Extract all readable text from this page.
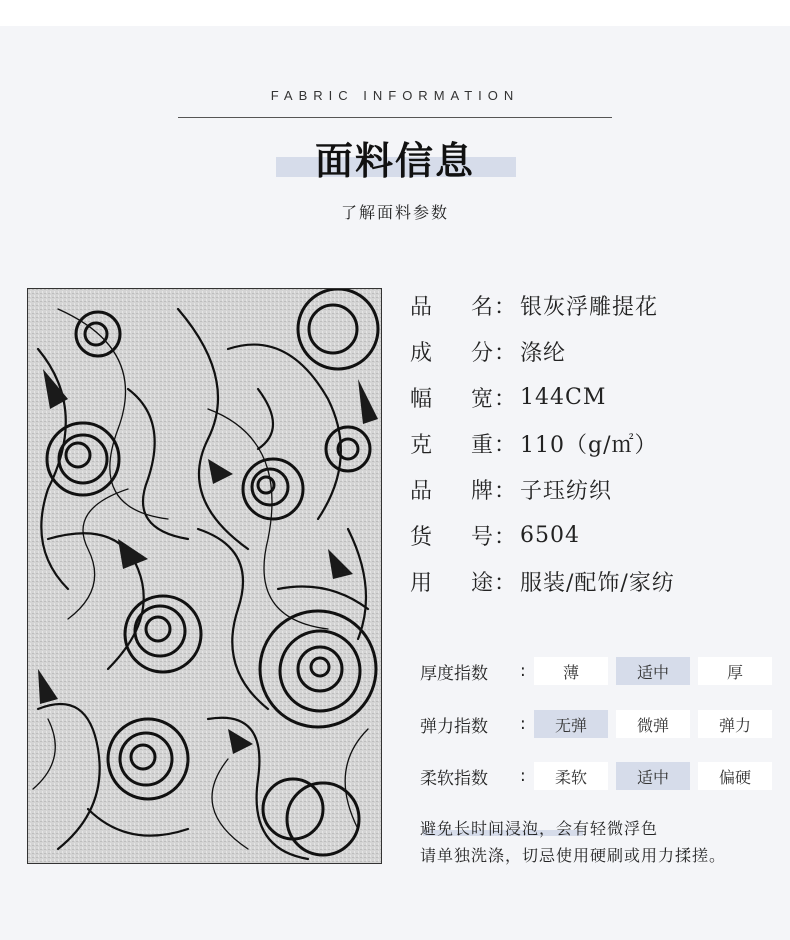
FABRIC INFORMATION
面料信息
了解面料参数
品名 ： 银灰浮雕提花
成分 ： 涤纶
幅宽 ： 144CM
克重 ： 110（g/㎡）
品牌 ： 子珏纺织
货号 ： 6504
用途 ： 服装/配饰/家纺
厚度指数	:	薄	适中	厚
弹力指数	:	无弹	微弹	弹力
柔软指数	:	柔软	适中	偏硬
避免长时间浸泡，会有轻微浮色
请单独洗涤，切忌使用硬刷或用力揉搓。
